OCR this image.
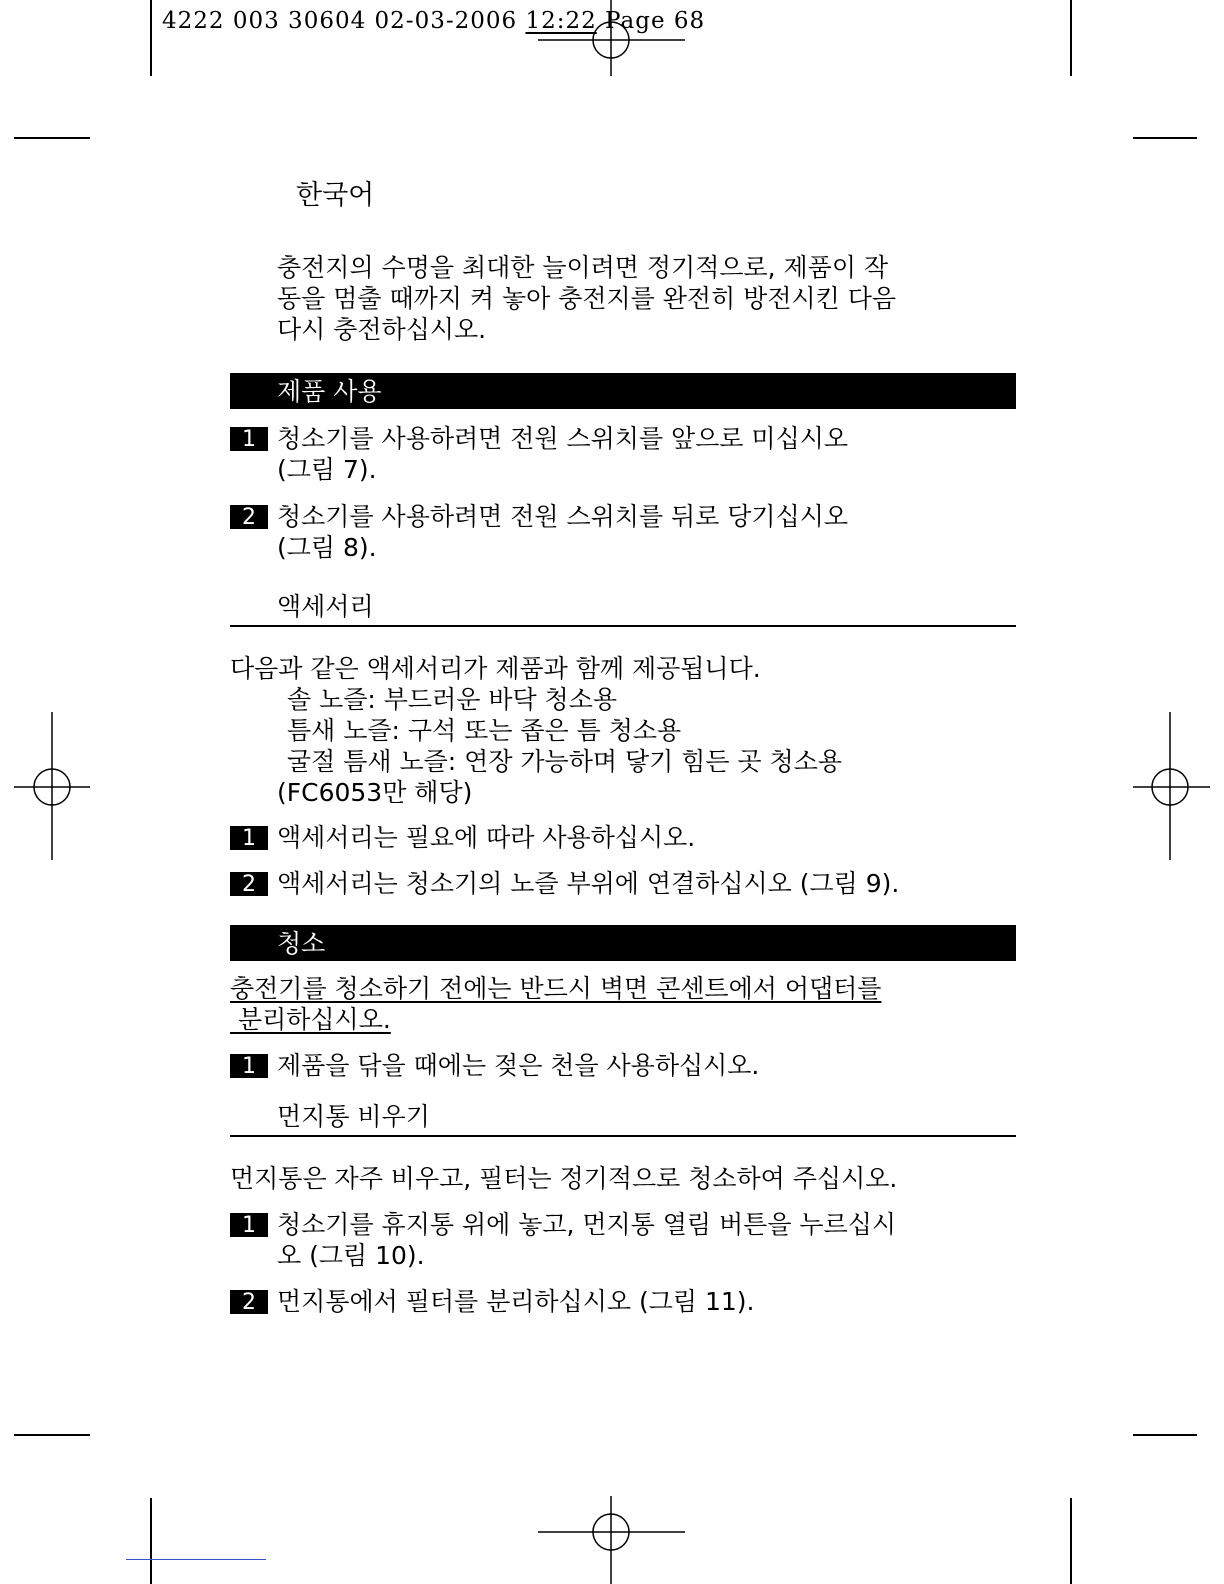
4222 003 30604 02-03-2006 12:22 Page 68
한국어
충전지의 수명을 최대한 늘이려면 정기적으로, 제품이 작
동을 멈출 때까지 켜 놓아 충전지를 완전히 방전시킨 다음
다시 충전하십시오.
제품 사용
1 청소기를 사용하려면 전원 스위치를 앞으로 미십시오
(그림 7).
2 청소기를 사용하려면 전원 스위치를 뒤로 당기십시오
(그림 8).
액세서리

다음과 같은 액세서리가 제품과 함께 제공됩니다.

솔 노즐: 부드러운 바닥 청소용
틈새 노즐: 구석 또는 좁은 틈 청소용
굴절 틈새 노즐: 연장 가능하며 닿기 힘든 곳 청소용
(FC6053만 해당)
1 액세서리는 필요에 따라 사용하십시오.
2 액세서리는 청소기의 노즐 부위에 연결하십시오 (그림 9).
청소

충전기를 청소하기 전에는 반드시 벽면 콘센트에서 어댑터를

분리하십시오.

1 제품을 닦을 때에는 젖은 천을 사용하십시오.
먼지통 비우기

먼지통은 자주 비우고, 필터는 정기적으로 청소하여 주십시오.

1 청소기를 휴지통 위에 놓고, 먼지통 열림 버튼을 누르십시
오 (그림 10).
2 먼지통에서 필터를 분리하십시오 (그림 11).
